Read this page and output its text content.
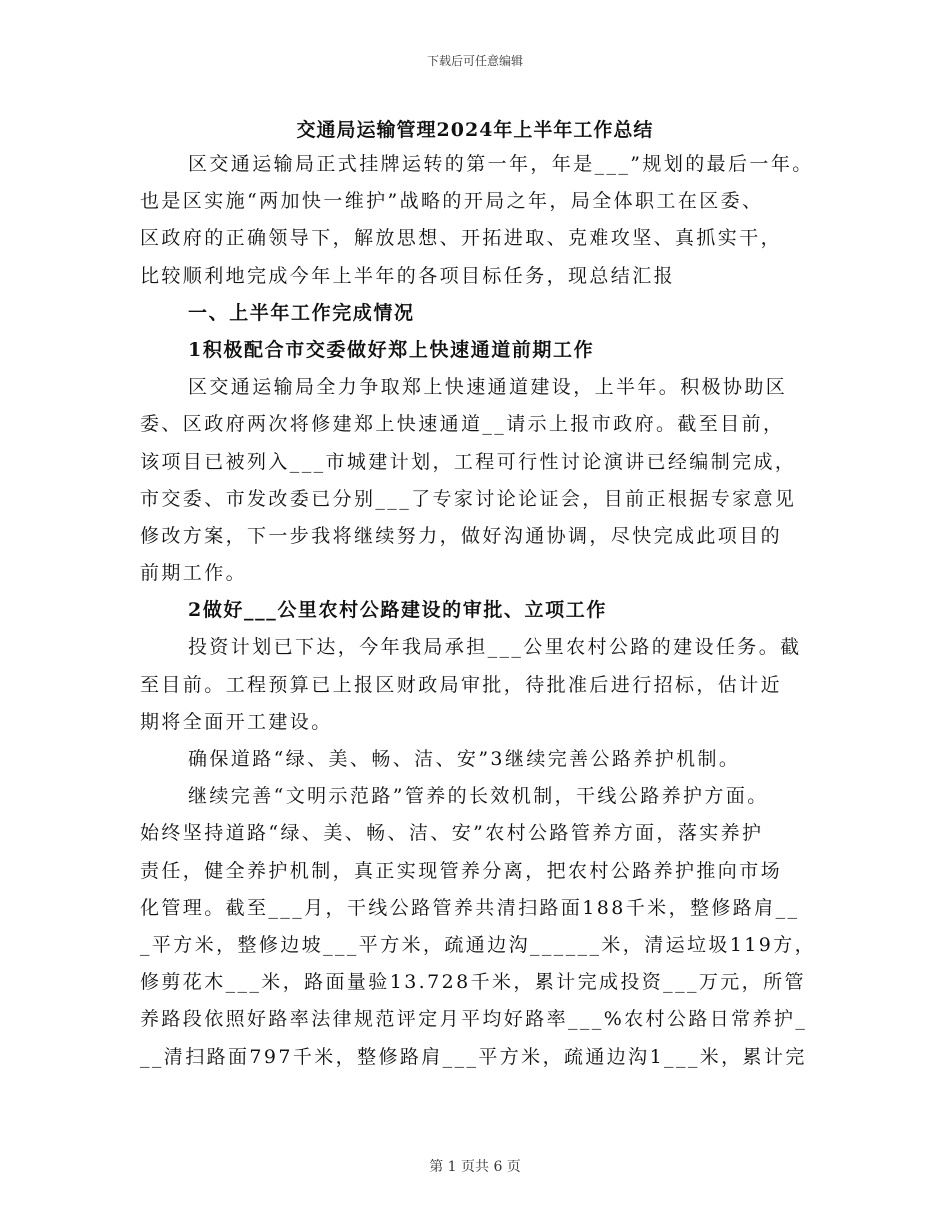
下载后可任意编辑
交通局运输管理2024年上半年工作总结
区交通运输局正式挂牌运转的第一年，年是___”规划的最后一年。
也是区实施“两加快一维护”战略的开局之年，局全体职工在区委、
区政府的正确领导下，解放思想、开拓进取、克难攻坚、真抓实干，
比较顺利地完成今年上半年的各项目标任务，现总结汇报
一、上半年工作完成情况
1积极配合市交委做好郑上快速通道前期工作
区交通运输局全力争取郑上快速通道建设，上半年。积极协助区
委、区政府两次将修建郑上快速通道__请示上报市政府。截至目前，
该项目已被列入___市城建计划，工程可行性讨论演讲已经编制完成，
市交委、市发改委已分别___了专家讨论论证会，目前正根据专家意见
修改方案，下一步我将继续努力，做好沟通协调，尽快完成此项目的
前期工作。
2做好___公里农村公路建设的审批、立项工作
投资计划已下达，今年我局承担___公里农村公路的建设任务。截
至目前。工程预算已上报区财政局审批，待批准后进行招标，估计近
期将全面开工建设。
确保道路“绿、美、畅、洁、安”3继续完善公路养护机制。
继续完善“文明示范路”管养的长效机制，干线公路养护方面。
始终坚持道路“绿、美、畅、洁、安”农村公路管养方面，落实养护
责任，健全养护机制，真正实现管养分离，把农村公路养护推向市场
化管理。截至___月，干线公路管养共清扫路面188千米，整修路肩__
_平方米，整修边坡___平方米，疏通边沟______米，清运垃圾119方，
修剪花木___米，路面量验13.728千米，累计完成投资___万元，所管
养路段依照好路率法律规范评定月平均好路率___%农村公路日常养护_
__清扫路面797千米，整修路肩___平方米，疏通边沟1___米，累计完
第 1 页共 6 页
